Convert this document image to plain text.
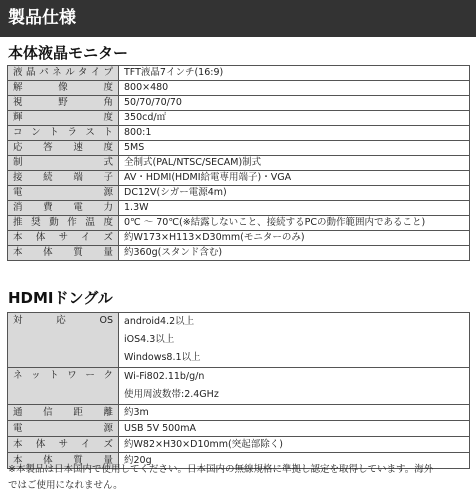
製品仕様
本体液晶モニター
液晶パネルタイプ	TFT液晶7インチ(16:9)
解像度	800×480
視野角	50/70/70/70
輝度	350cd/㎡
コントラスト	800:1
応答速度	5MS
制式	全制式(PAL/NTSC/SECAM)制式
接続端子	AV・HDMI(HDMI給電専用端子)・VGA
電源	DC12V(シガー電源4m)
消費電力	1.3W
推奨動作温度	0℃ ～ 70℃(※結露しないこと、接続するPCの動作範囲内であること)
本体サイズ	約W173×H113×D30mm(モニターのみ)
本体質量	約360g(スタンド含む)
HDMIドングル
対応OS	android4.2以上
iOS4.3以上
Windows8.1以上

ネットワーク	Wi-Fi802.11b/g/n
使用周波数帯:2.4GHz

通信距離	約3m
電源	USB 5V 500mA
本体サイズ	約W82×H30×D10mm(突起部除く)
本体質量	約20g
※本製品は日本国内で使用してください。日本国内の無線規格に準拠し認定を取得しています。海外
ではご使用になれません。
